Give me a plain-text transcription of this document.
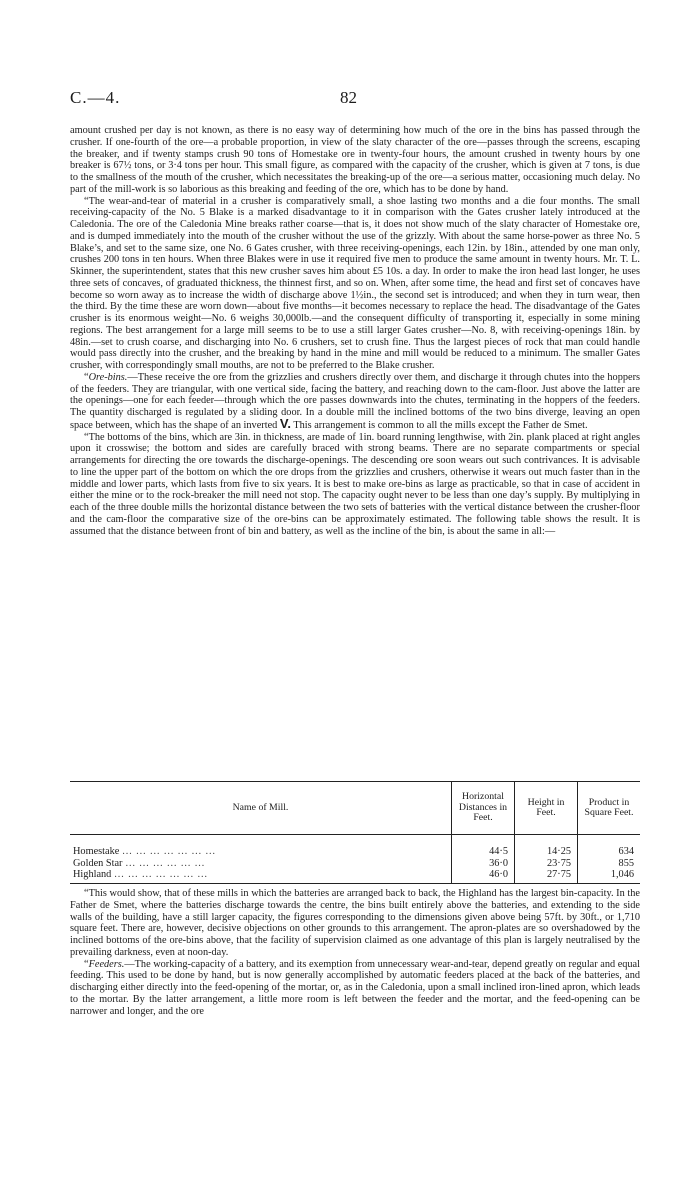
C.—4.	82

amount crushed per day is not known, as there is no easy way of determining how much of the ore in the bins has passed through the crusher. If one-fourth of the ore—a probable proportion, in view of the slaty character of the ore—passes through the screens, escaping the breaker, and if twenty stamps crush 90 tons of Homestake ore in twenty-four hours, the amount crushed in twenty hours by one breaker is 67½ tons, or 3·4 tons per hour. This small figure, as compared with the capacity of the crusher, which is given at 7 tons, is due to the smallness of the mouth of the crusher, which necessitates the breaking-up of the ore—a serious matter, occasioning much delay. No part of the mill-work is so laborious as this breaking and feeding of the ore, which has to be done by hand.

“The wear-and-tear of material in a crusher is comparatively small, a shoe lasting two months and a die four months. The small receiving-capacity of the No. 5 Blake is a marked disadvantage to it in comparison with the Gates crusher lately introduced at the Caledonia. The ore of the Caledonia Mine breaks rather coarse—that is, it does not show much of the slaty character of Homestake ore, and is dumped immediately into the mouth of the crusher without the use of the grizzly. With about the same horse-power as three No. 5 Blake’s, and set to the same size, one No. 6 Gates crusher, with three receiving-openings, each 12in. by 18in., attended by one man only, crushes 200 tons in ten hours. When three Blakes were in use it required five men to produce the same amount in twenty hours. Mr. T. L. Skinner, the superintendent, states that this new crusher saves him about £5 10s. a day. In order to make the iron head last longer, he uses three sets of concaves, of graduated thickness, the thinnest first, and so on. When, after some time, the head and first set of concaves have become so worn away as to increase the width of discharge above 1½in., the second set is introduced; and when they in turn wear, then the third. By the time these are worn down—about five months—it becomes necessary to replace the head. The disadvantage of the Gates crusher is its enormous weight—No. 6 weighs 30,000lb.—and the consequent difficulty of transporting it, especially in some mining regions. The best arrangement for a large mill seems to be to use a still larger Gates crusher—No. 8, with receiving-openings 18in. by 48in.—set to crush coarse, and discharging into No. 6 crushers, set to crush fine. Thus the largest pieces of rock that man could handle would pass directly into the crusher, and the breaking by hand in the mine and mill would be reduced to a minimum. The smaller Gates crusher, with correspondingly small mouths, are not to be preferred to the Blake crusher.

“Ore-bins.—These receive the ore from the grizzlies and crushers directly over them, and discharge it through chutes into the hoppers of the feeders. They are triangular, with one vertical side, facing the battery, and reaching down to the cam-floor. Just above the latter are the openings—one for each feeder—through which the ore passes downwards into the chutes, terminating in the hoppers of the feeders. The quantity discharged is regulated by a sliding door. In a double mill the inclined bottoms of the two bins diverge, leaving an open space between, which has the shape of an inverted V. This arrangement is common to all the mills except the Father de Smet.

“The bottoms of the bins, which are 3in. in thickness, are made of 1in. board running lengthwise, with 2in. plank placed at right angles upon it crosswise; the bottom and sides are carefully braced with strong beams. There are no separate compartments or special arrangements for directing the ore towards the discharge-openings. The descending ore soon wears out such contrivances. It is advisable to line the upper part of the bottom on which the ore drops from the grizzlies and crushers, otherwise it wears out much faster than in the middle and lower parts, which lasts from five to six years. It is best to make ore-bins as large as practicable, so that in case of accident in either the mine or to the rock-breaker the mill need not stop. The capacity ought never to be less than one day’s supply. By multiplying in each of the three double mills the horizontal distance between the two sets of batteries with the vertical distance between the crusher-floor and the cam-floor the comparative size of the ore-bins can be approximately estimated. The following table shows the result. It is assumed that the distance between front of bin and battery, as well as the incline of the bin, is about the same in all:—

Name of Mill.	Horizontal Distances in Feet.	Height in Feet.	Product in Square Feet.

Homestake … … … … … … …	44·5	14·25	634
Golden Star … … … … … …	36·0	23·75	855
Highland … … … … … … …	46·0	27·75	1,046

“This would show, that of these mills in which the batteries are arranged back to back, the Highland has the largest bin-capacity. In the Father de Smet, where the batteries discharge towards the centre, the bins built entirely above the batteries, and extending to the side walls of the building, have a still larger capacity, the figures corresponding to the dimensions given above being 57ft. by 30ft., or 1,710 square feet. There are, however, decisive objections on other grounds to this arrangement. The apron-plates are so overshadowed by the inclined bottoms of the ore-bins above, that the facility of supervision claimed as one advantage of this plan is largely neutralised by the prevailing darkness, even at noon-day.

“Feeders.—The working-capacity of a battery, and its exemption from unnecessary wear-and-tear, depend greatly on regular and equal feeding. This used to be done by hand, but is now generally accomplished by automatic feeders placed at the back of the batteries, and discharging either directly into the feed-opening of the mortar, or, as in the Caledonia, upon a small inclined iron-lined apron, which leads to the mortar. By the latter arrangement, a little more room is left between the feeder and the mortar, and the feed-opening can be narrower and longer, and the ore
